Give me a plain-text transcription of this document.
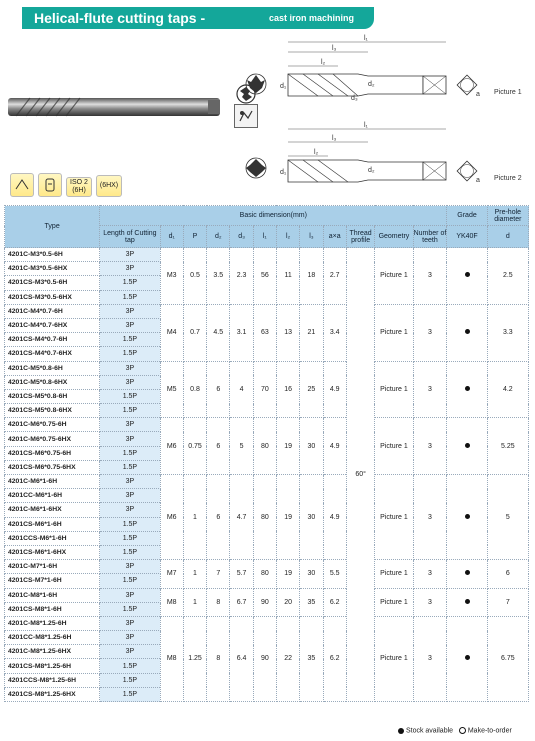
Helical-flute cutting taps -	cast iron machining
l₁
l₃
l₂
d₁
d₃
d₂
a Picture 1
l₁
l₃
l₂
d₁	d₂
a Picture 2
ISO 2
(6H)
(6HX)
Type	Basic dimension(mm)												Grade	Pre-hole diameter
	Length of Cutting tap	d₁	P	d₂	d₃	l₁	l₂	l₃	a×a	Thread profile	Geometry	Number of teeth	YK40F	d
4201C-M3*0.5-6H	3P	M3	0.5	3.5	2.3	56	11	18	2.7	60°	Picture 1	3		2.5
4201C-M3*0.5-6HX	3P													
4201CS-M3*0.5-6H	1.5P													
4201CS-M3*0.5-6HX	1.5P													
4201C-M4*0.7-6H	3P	M4	0.7	4.5	3.1	63	13	21	3.4		Picture 1	3		3.3
4201C-M4*0.7-6HX	3P													
4201CS-M4*0.7-6H	1.5P													
4201CS-M4*0.7-6HX	1.5P													
4201C-M5*0.8-6H	3P	M5	0.8	6	4	70	16	25	4.9		Picture 1	3		4.2
4201C-M5*0.8-6HX	3P													
4201CS-M5*0.8-6H	1.5P													
4201CS-M5*0.8-6HX	1.5P													
4201C-M6*0.75-6H	3P	M6	0.75	6	5	80	19	30	4.9		Picture 1	3		5.25
4201C-M6*0.75-6HX	3P													
4201CS-M6*0.75-6H	1.5P													
4201CS-M6*0.75-6HX	1.5P													
4201C-M6*1-6H	3P	M6	1	6	4.7	80	19	30	4.9		Picture 1	3		5
4201CC-M6*1-6H	3P													
4201C-M6*1-6HX	3P													
4201CS-M6*1-6H	1.5P													
4201CCS-M6*1-6H	1.5P													
4201CS-M6*1-6HX	1.5P													
4201C-M7*1-6H	3P	M7	1	7	5.7	80	19	30	5.5		Picture 1	3		6
4201CS-M7*1-6H	1.5P													
4201C-M8*1-6H	3P	M8	1	8	6.7	90	20	35	6.2		Picture 1	3		7
4201CS-M8*1-6H	1.5P													
4201C-M8*1.25-6H	3P	M8	1.25	8	6.4	90	22	35	6.2		Picture 1	3		6.75
4201CC-M8*1.25-6H	3P													
4201C-M8*1.25-6HX	3P													
4201CS-M8*1.25-6H	1.5P													
4201CCS-M8*1.25-6H	1.5P													
4201CS-M8*1.25-6HX	1.5P													
Stock available Make-to-order
